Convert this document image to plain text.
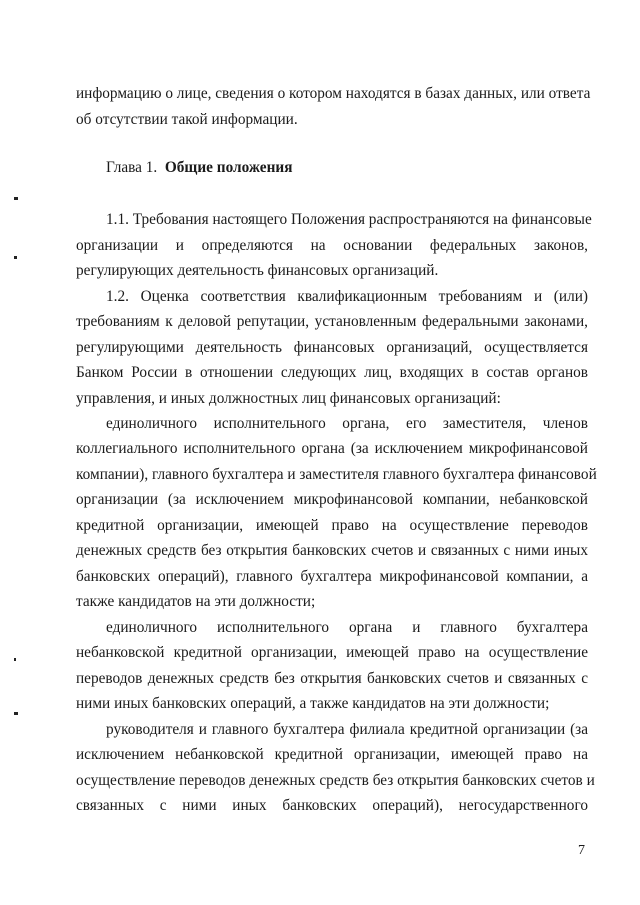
информацию о лице, сведения о котором находятся в базах данных, или ответа
об отсутствии такой информации.
Глава 1. Общие положения
1.1. Требования настоящего Положения распространяются на финансовые
организации и определяются на основании федеральных законов,
регулирующих деятельность финансовых организаций.
1.2. Оценка соответствия квалификационным требованиям и (или)
требованиям к деловой репутации, установленным федеральными законами,
регулирующими деятельность финансовых организаций, осуществляется
Банком России в отношении следующих лиц, входящих в состав органов
управления, и иных должностных лиц финансовых организаций:
единоличного исполнительного органа, его заместителя, членов
коллегиального исполнительного органа (за исключением микрофинансовой
компании), главного бухгалтера и заместителя главного бухгалтера финансовой
организации (за исключением микрофинансовой компании, небанковской
кредитной организации, имеющей право на осуществление переводов
денежных средств без открытия банковских счетов и связанных с ними иных
банковских операций), главного бухгалтера микрофинансовой компании, а
также кандидатов на эти должности;
единоличного исполнительного органа и главного бухгалтера
небанковской кредитной организации, имеющей право на осуществление
переводов денежных средств без открытия банковских счетов и связанных с
ними иных банковских операций, а также кандидатов на эти должности;
руководителя и главного бухгалтера филиала кредитной организации (за
исключением небанковской кредитной организации, имеющей право на
осуществление переводов денежных средств без открытия банковских счетов и
связанных с ними иных банковских операций), негосударственного
7
